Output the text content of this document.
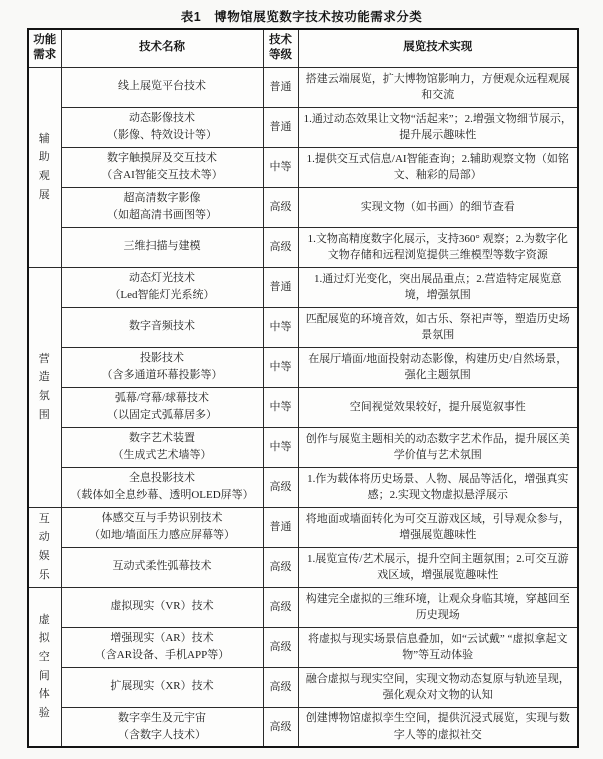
表1　博物馆展览数字技术按功能需求分类
功能需求	技术名称	技术等级	展览技术实现
辅助观展	线上展览平台技术	普通	搭建云端展览，扩大博物馆影响力，方便观众远程观展和交流

	动态影像技术
（影像、特效设计等）	普通	1.通过动态效果让文物“活起来”；2.增强文物细节展示，提升展示趣味性

	数字触摸屏及交互技术
（含AI智能交互技术等）	中等	1.提供交互式信息/AI智能查询；2.辅助观察文物（如铭文、釉彩的局部）

	超高清数字影像
（如超高清书画图等）	高级	实现文物（如书画）的细节查看

	三维扫描与建模	高级	1.文物高精度数字化展示，支持360° 观察；2.为数字化文物存储和远程浏览提供三维模型等数字资源
营造氛围	动态灯光技术
（Led智能灯光系统）	普通	1.通过灯光变化，突出展品重点；2.营造特定展览意境，增强氛围

	数字音频技术	中等	匹配展览的环境音效，如古乐、祭祀声等，塑造历史场景氛围

	投影技术
（含多通道环幕投影等）	中等	在展厅墙面/地面投射动态影像，构建历史/自然场景，强化主题氛围

	弧幕/穹幕/球幕技术
（以固定式弧幕居多）	中等	空间视觉效果较好，提升展览叙事性

	数字艺术装置
（生成式艺术墙等）	中等	创作与展览主题相关的动态数字艺术作品，提升展区美学价值与艺术氛围

	全息投影技术
（载体如全息纱幕、透明OLED屏等）	高级	1.作为载体将历史场景、人物、展品等活化，增强真实感；2.实现文物虚拟悬浮展示
互动娱乐	体感交互与手势识别技术
（如地/墙面压力感应屏幕等）	普通	将地面或墙面转化为可交互游戏区域，引导观众参与，增强展览趣味性

	互动式柔性弧幕技术	高级	1.展览宣传/艺术展示，提升空间主题氛围；2.可交互游戏区域，增强展览趣味性
虚拟空间体验	虚拟现实（VR）技术	高级	构建完全虚拟的三维环境，让观众身临其境，穿越回至历史现场

	增强现实（AR）技术
（含AR设备、手机APP等）	高级	将虚拟与现实场景信息叠加，如“云试戴” “虚拟拿起文物”等互动体验

	扩展现实（XR）技术	高级	融合虚拟与现实空间，实现文物动态复原与轨迹呈现，强化观众对文物的认知

	数字孪生及元宇宙
（含数字人技术）	高级	创建博物馆虚拟孪生空间，提供沉浸式展览，实现与数字人等的虚拟社交
